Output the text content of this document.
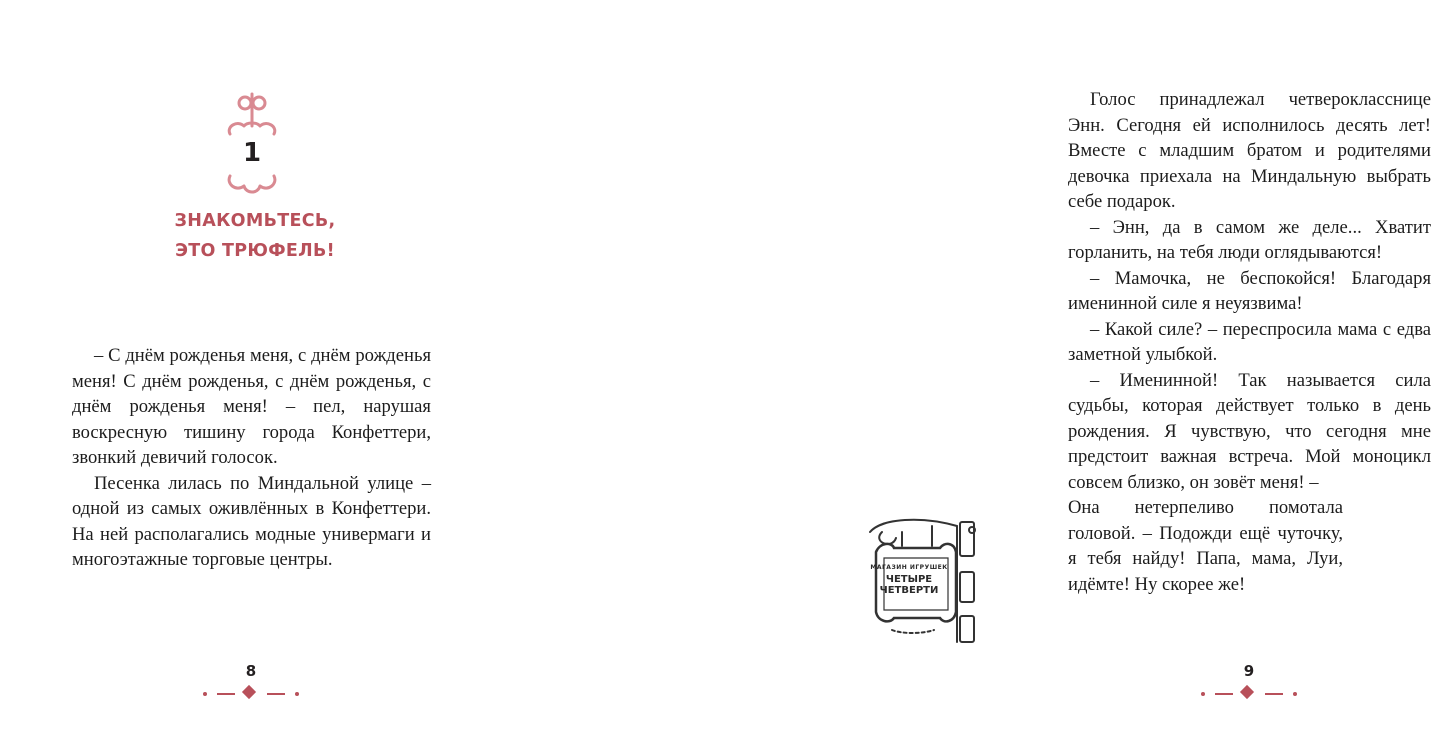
1
ЗНАКОМЬТЕСЬ,
ЭТО ТРЮФЕЛЬ!

– С днём рожденья меня, с днём рожденья меня! С днём рожденья, с днём рожденья, с днём рожденья меня! – пел, нарушая воскресную тишину города Конфеттери, звонкий девичий голосок.

Песенка лилась по Миндальной улице – одной из самых оживлённых в Конфеттери. На ней располагались модные универмаги и многоэтажные торговые центры.

8

Голос принадлежал четверокласснице Энн. Сегодня ей исполнилось десять лет! Вместе с младшим братом и родителями девочка приехала на Миндальную выбрать себе подарок.

– Энн, да в самом же деле... Хватит горланить, на тебя люди оглядываются!

– Мамочка, не беспокойся! Благодаря именинной силе я неуязвима!

– Какой силе? – переспросила мама с едва заметной улыбкой.

– Именинной! Так называется сила судьбы, которая действует только в день рождения. Я чувствую, что сегодня мне предстоит важная встреча. Мой моноцикл совсем близко, он зовёт меня! –

Она нетерпеливо помотала головой. – Подожди ещё чуточку, я тебя найду! Папа, мама, Луи, идёмте! Ну скорее же!

9
МАГАЗИН ИГРУШЕК
ЧЕТЫРЕ
ЧЕТВЕРТИ
